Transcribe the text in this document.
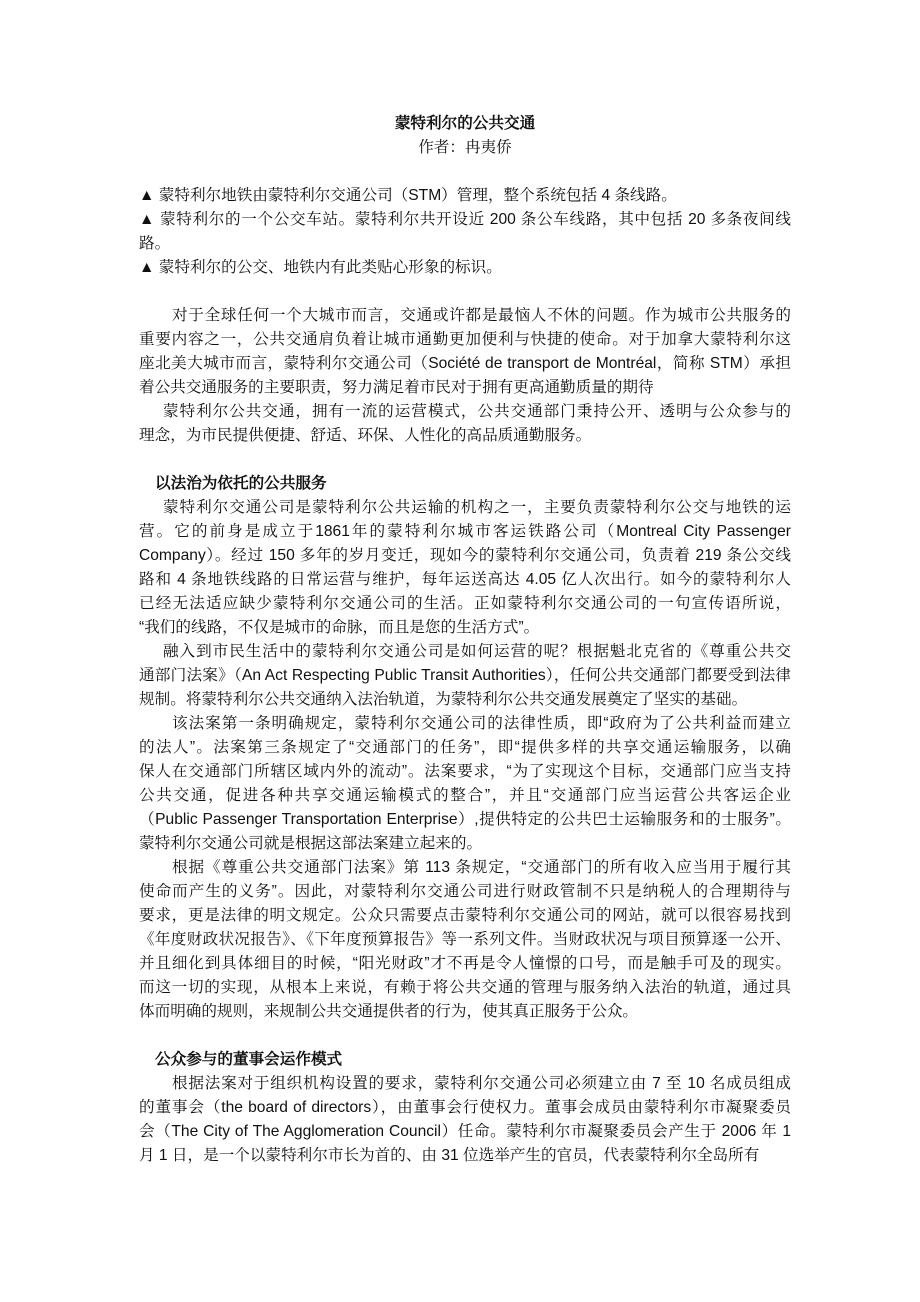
蒙特利尔的公共交通
作者：冉夷侨
▲ 蒙特利尔地铁由蒙特利尔交通公司（STM）管理，整个系统包括 4 条线路。
▲ 蒙特利尔的一个公交车站。蒙特利尔共开设近 200 条公车线路，其中包括 20 多条夜间线
路。
▲ 蒙特利尔的公交、地铁内有此类贴心形象的标识。
对于全球任何一个大城市而言，交通或许都是最恼人不休的问题。作为城市公共服务的
重要内容之一，公共交通肩负着让城市通勤更加便利与快捷的使命。对于加拿大蒙特利尔这
座北美大城市而言，蒙特利尔交通公司（Société de transport de Montréal，简称 STM）承担
着公共交通服务的主要职责，努力满足着市民对于拥有更高通勤质量的期待
蒙特利尔公共交通，拥有一流的运营模式，公共交通部门秉持公开、透明与公众参与的
理念，为市民提供便捷、舒适、环保、人性化的高品质通勤服务。
以法治为依托的公共服务
蒙特利尔交通公司是蒙特利尔公共运输的机构之一，主要负责蒙特利尔公交与地铁的运
营。它的前身是成立于1861年的蒙特利尔城市客运铁路公司（Montreal City Passenger
Company）。经过 150 多年的岁月变迁，现如今的蒙特利尔交通公司，负责着 219 条公交线
路和 4 条地铁线路的日常运营与维护，每年运送高达 4.05 亿人次出行。如今的蒙特利尔人
已经无法适应缺少蒙特利尔交通公司的生活。正如蒙特利尔交通公司的一句宣传语所说，
“我们的线路，不仅是城市的命脉，而且是您的生活方式”。
融入到市民生活中的蒙特利尔交通公司是如何运营的呢？根据魁北克省的《尊重公共交
通部门法案》（An Act Respecting Public Transit Authorities），任何公共交通部门都要受到法律
规制。将蒙特利尔公共交通纳入法治轨道，为蒙特利尔公共交通发展奠定了坚实的基础。
该法案第一条明确规定，蒙特利尔交通公司的法律性质，即“政府为了公共利益而建立
的法人”。法案第三条规定了“交通部门的任务”，即“提供多样的共享交通运输服务，以确
保人在交通部门所辖区域内外的流动”。法案要求，“为了实现这个目标，交通部门应当支持
公共交通，促进各种共享交通运输模式的整合”，并且“交通部门应当运营公共客运企业
（Public Passenger Transportation Enterprise）,提供特定的公共巴士运输服务和的士服务”。
蒙特利尔交通公司就是根据这部法案建立起来的。
根据《尊重公共交通部门法案》第 113 条规定，“交通部门的所有收入应当用于履行其
使命而产生的义务”。因此，对蒙特利尔交通公司进行财政管制不只是纳税人的合理期待与
要求，更是法律的明文规定。公众只需要点击蒙特利尔交通公司的网站，就可以很容易找到
《年度财政状况报告》、《下年度预算报告》等一系列文件。当财政状况与项目预算逐一公开、
并且细化到具体细目的时候，“阳光财政”才不再是令人憧憬的口号，而是触手可及的现实。
而这一切的实现，从根本上来说，有赖于将公共交通的管理与服务纳入法治的轨道，通过具
体而明确的规则，来规制公共交通提供者的行为，使其真正服务于公众。
公众参与的董事会运作模式
根据法案对于组织机构设置的要求，蒙特利尔交通公司必须建立由 7 至 10 名成员组成
的董事会（the board of directors），由董事会行使权力。董事会成员由蒙特利尔市凝聚委员
会（The City of The Agglomeration Council）任命。蒙特利尔市凝聚委员会产生于 2006 年 1
月 1 日，是一个以蒙特利尔市长为首的、由 31 位选举产生的官员，代表蒙特利尔全岛所有
